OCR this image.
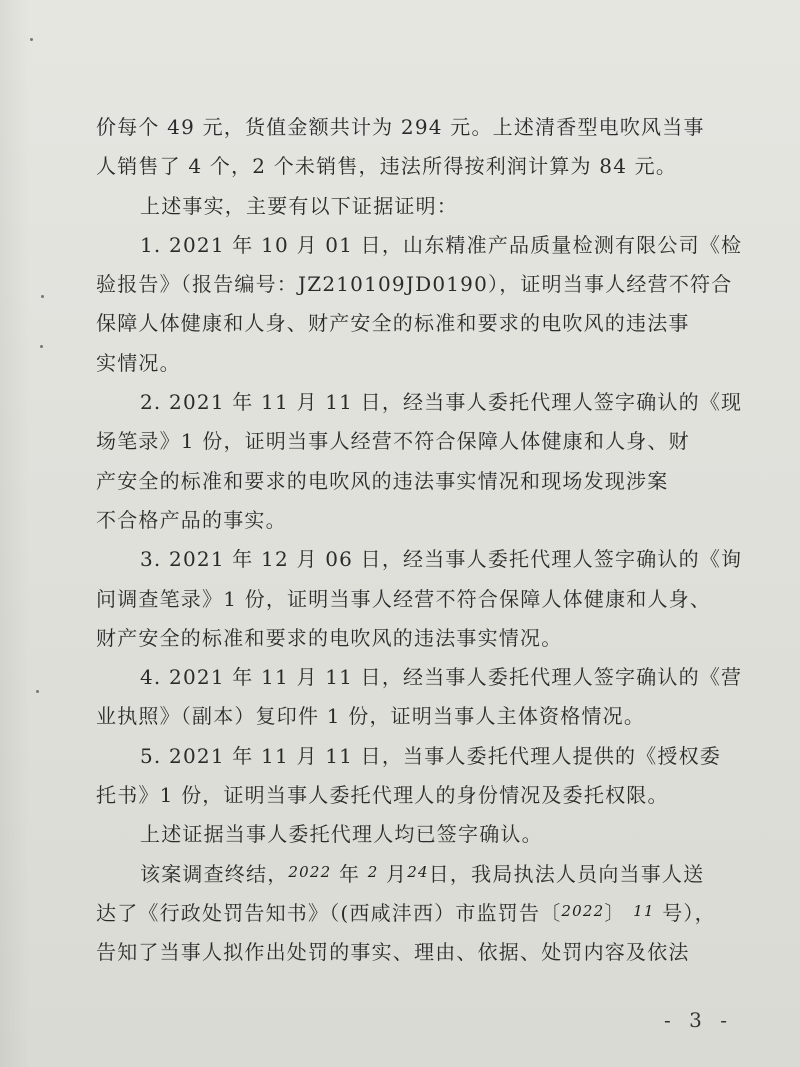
价每个 49 元，货值金额共计为 294 元。上述清香型电吹风当事
人销售了 4 个，2 个未销售，违法所得按利润计算为 84 元。
上述事实，主要有以下证据证明：
1. 2021 年 10 月 01 日，山东精准产品质量检测有限公司《检
验报告》（报告编号：JZ210109JD0190），证明当事人经营不符合
保障人体健康和人身、财产安全的标准和要求的电吹风的违法事
实情况。
2. 2021 年 11 月 11 日，经当事人委托代理人签字确认的《现
场笔录》1 份，证明当事人经营不符合保障人体健康和人身、财
产安全的标准和要求的电吹风的违法事实情况和现场发现涉案
不合格产品的事实。
3. 2021 年 12 月 06 日，经当事人委托代理人签字确认的《询
问调查笔录》1 份，证明当事人经营不符合保障人体健康和人身、
财产安全的标准和要求的电吹风的违法事实情况。
4. 2021 年 11 月 11 日，经当事人委托代理人签字确认的《营
业执照》（副本）复印件 1 份，证明当事人主体资格情况。
5. 2021 年 11 月 11 日，当事人委托代理人提供的《授权委
托书》1 份，证明当事人委托代理人的身份情况及委托权限。
上述证据当事人委托代理人均已签字确认。
该案调查终结，$^{2022}$ 年 $^2$ 月$^{24}$日，我局执法人员向当事人送
达了《行政处罚告知书》（(西咸沣西）市监罚告〔$^{2022}$〕 $^{11}$ 号），
告知了当事人拟作出处罚的事实、理由、依据、处罚内容及依法
- 3 -
